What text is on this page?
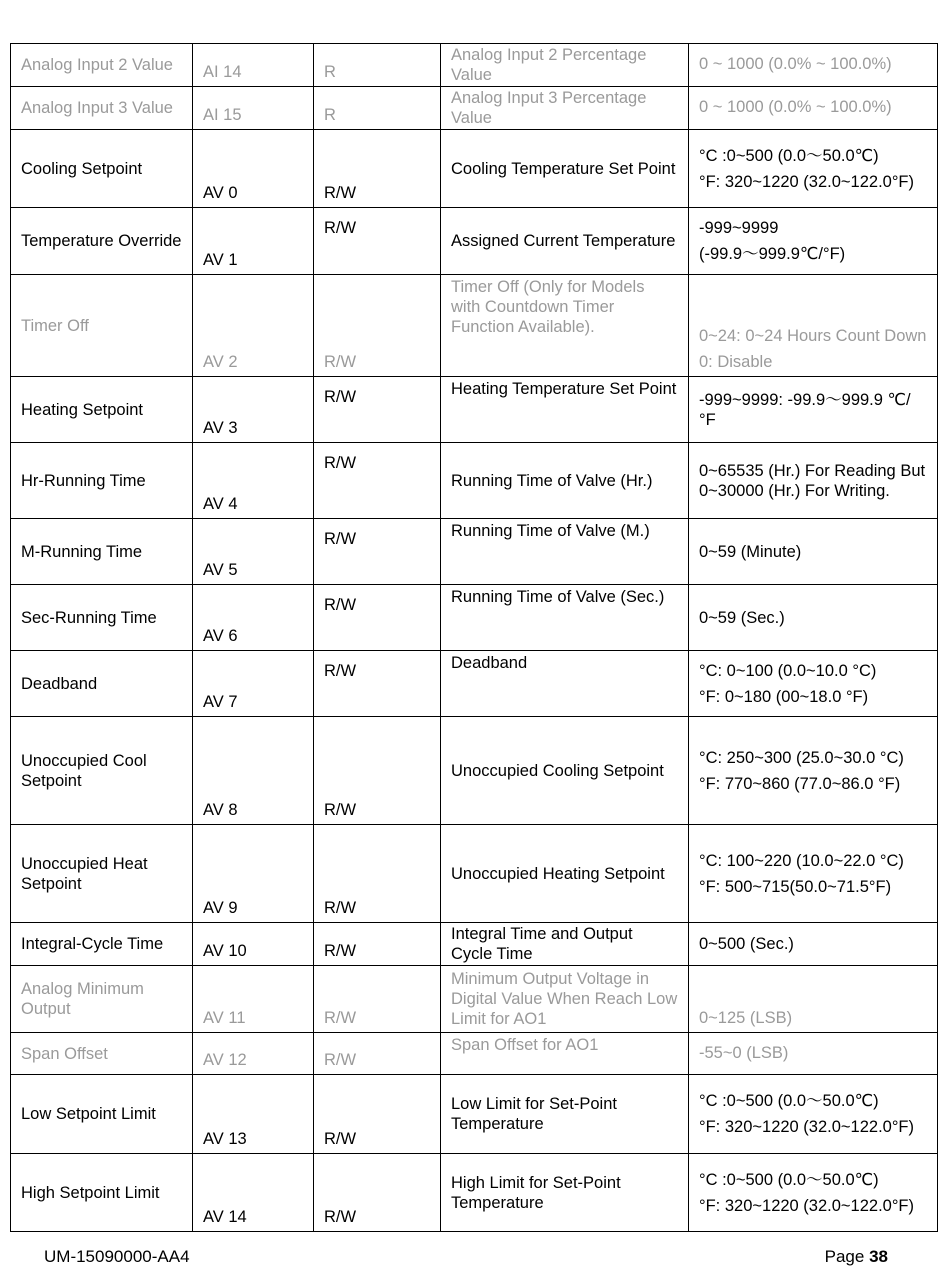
Analog Input 2 Value	AI 14	R	Analog Input 2 Percentage Value	0 ~ 1000 (0.0% ~ 100.0%)

Analog Input 3 Value	AI 15	R	Analog Input 3 Percentage Value	0 ~ 1000 (0.0% ~ 100.0%)

Cooling Setpoint	AV 0	R/W	Cooling Temperature Set Point	°C :0~500 (0.0～50.0℃)
°F: 320~1220 (32.0~122.0°F)

Temperature Override	AV 1	R/W	Assigned Current Temperature	-999~9999
(-99.9～999.9℃/°F)

Timer Off	AV 2	R/W	Timer Off (Only for Models with Countdown Timer Function Available).	0~24: 0~24 Hours Count Down
0: Disable

Heating Setpoint	AV 3	R/W	Heating Temperature Set Point	-999~9999: -99.9～999.9 ℃/°F

Hr-Running Time	AV 4	R/W	Running Time of Valve (Hr.)	0~65535 (Hr.) For Reading But 0~30000 (Hr.) For Writing.

M-Running Time	AV 5	R/W	Running Time of Valve (M.)	0~59 (Minute)

Sec-Running Time	AV 6	R/W	Running Time of Valve (Sec.)	0~59 (Sec.)

Deadband	AV 7	R/W	Deadband	°C: 0~100 (0.0~10.0 °C)
°F: 0~180 (00~18.0 °F)

Unoccupied Cool Setpoint	AV 8	R/W	Unoccupied Cooling Setpoint	°C: 250~300 (25.0~30.0 °C)
°F: 770~860 (77.0~86.0 °F)

Unoccupied Heat Setpoint	AV 9	R/W	Unoccupied Heating Setpoint	°C: 100~220 (10.0~22.0 °C)
°F: 500~715(50.0~71.5°F)

Integral-Cycle Time	AV 10	R/W	Integral Time and Output Cycle Time	0~500 (Sec.)

Analog Minimum Output	AV 11	R/W	Minimum Output Voltage in Digital Value When Reach Low Limit for AO1	0~125 (LSB)

Span Offset	AV 12	R/W	Span Offset for AO1	-55~0 (LSB)

Low Setpoint Limit	AV 13	R/W	Low Limit for Set-Point Temperature	°C :0~500 (0.0～50.0℃)
°F: 320~1220 (32.0~122.0°F)

High Setpoint Limit	AV 14	R/W	High Limit for Set-Point Temperature	°C :0~500 (0.0～50.0℃)
°F: 320~1220 (32.0~122.0°F)
UM-15090000-AA4	Page 38
